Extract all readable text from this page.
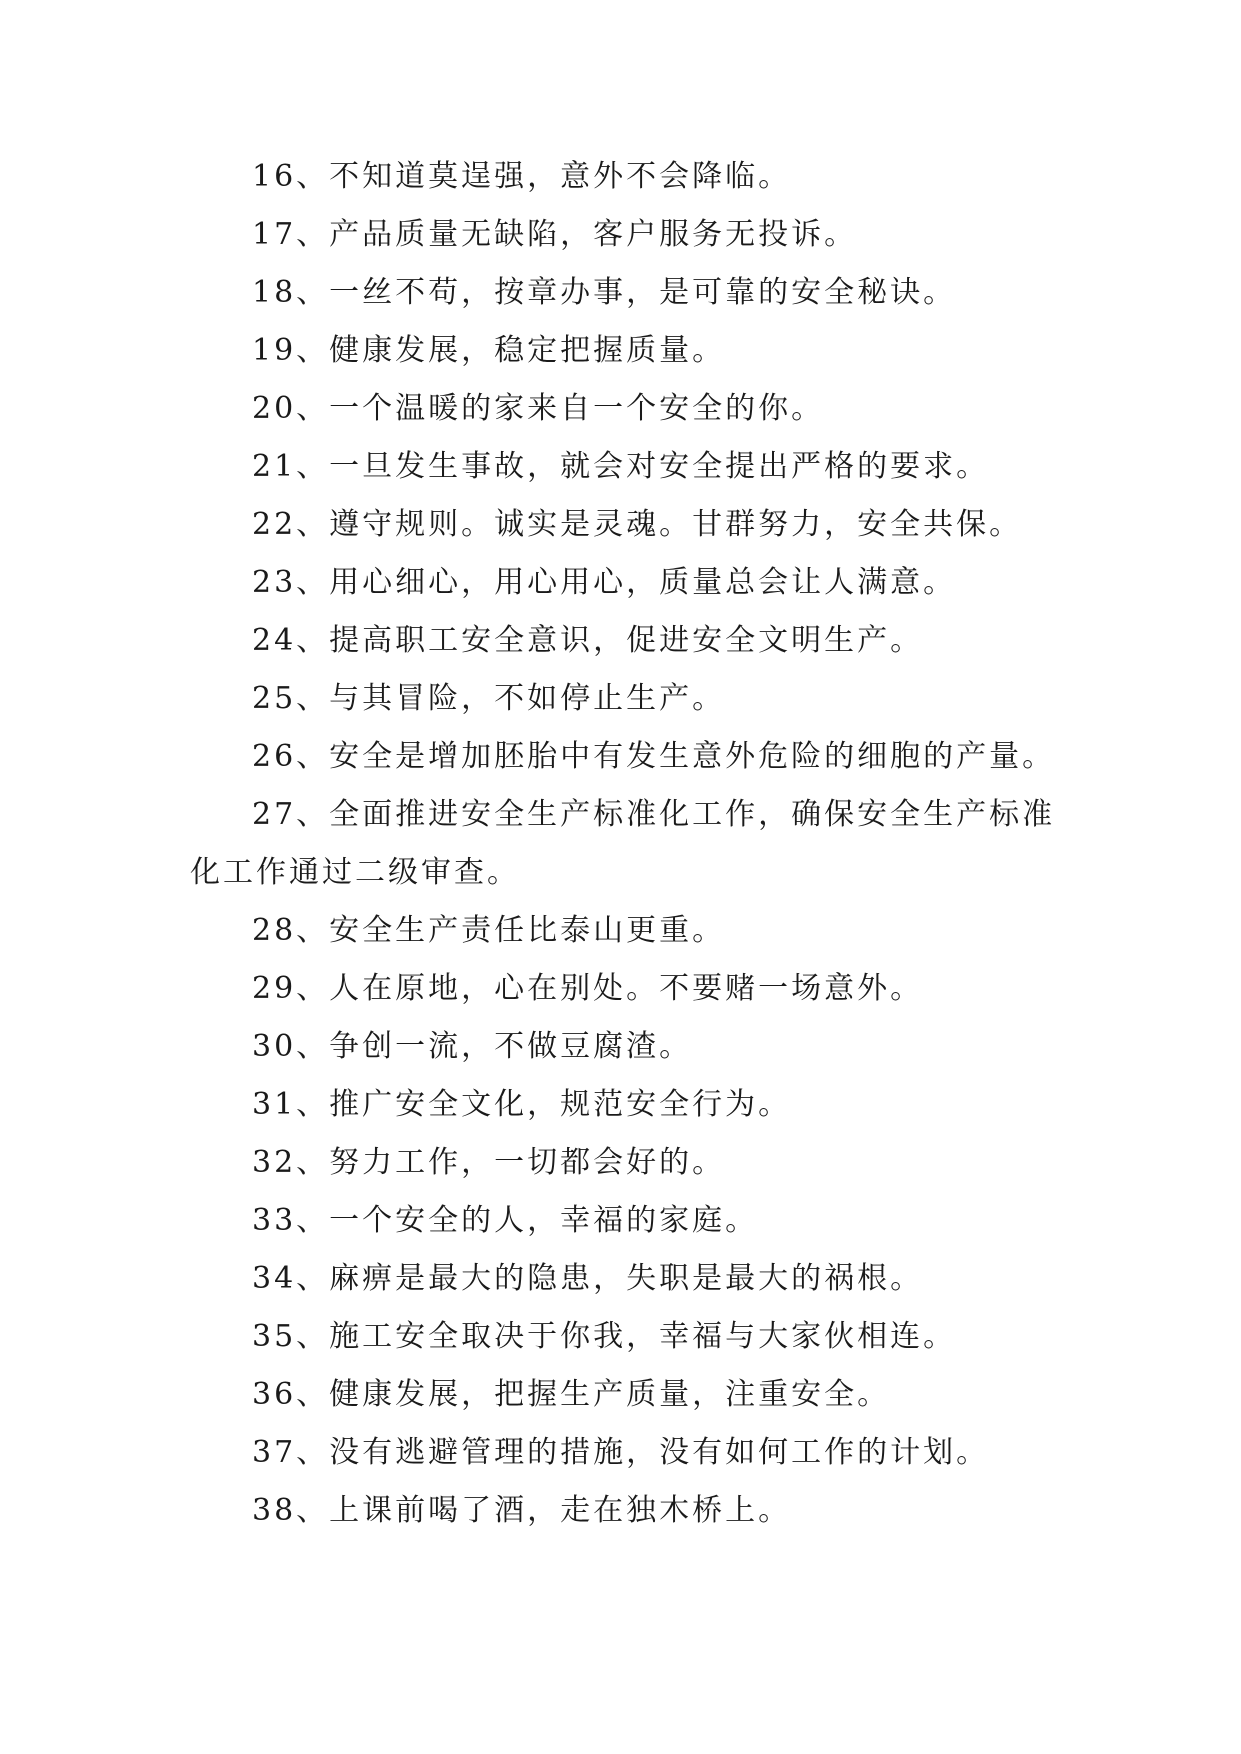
16、不知道莫逞强，意外不会降临。
17、产品质量无缺陷，客户服务无投诉。
18、一丝不苟，按章办事，是可靠的安全秘诀。
19、健康发展，稳定把握质量。
20、一个温暖的家来自一个安全的你。
21、一旦发生事故，就会对安全提出严格的要求。
22、遵守规则。诚实是灵魂。甘群努力，安全共保。
23、用心细心，用心用心，质量总会让人满意。
24、提高职工安全意识，促进安全文明生产。
25、与其冒险，不如停止生产。
26、安全是增加胚胎中有发生意外危险的细胞的产量。
27、全面推进安全生产标准化工作，确保安全生产标准
化工作通过二级审查。
28、安全生产责任比泰山更重。
29、人在原地，心在别处。不要赌一场意外。
30、争创一流，不做豆腐渣。
31、推广安全文化，规范安全行为。
32、努力工作，一切都会好的。
33、一个安全的人，幸福的家庭。
34、麻痹是最大的隐患，失职是最大的祸根。
35、施工安全取决于你我，幸福与大家伙相连。
36、健康发展，把握生产质量，注重安全。
37、没有逃避管理的措施，没有如何工作的计划。
38、上课前喝了酒，走在独木桥上。
